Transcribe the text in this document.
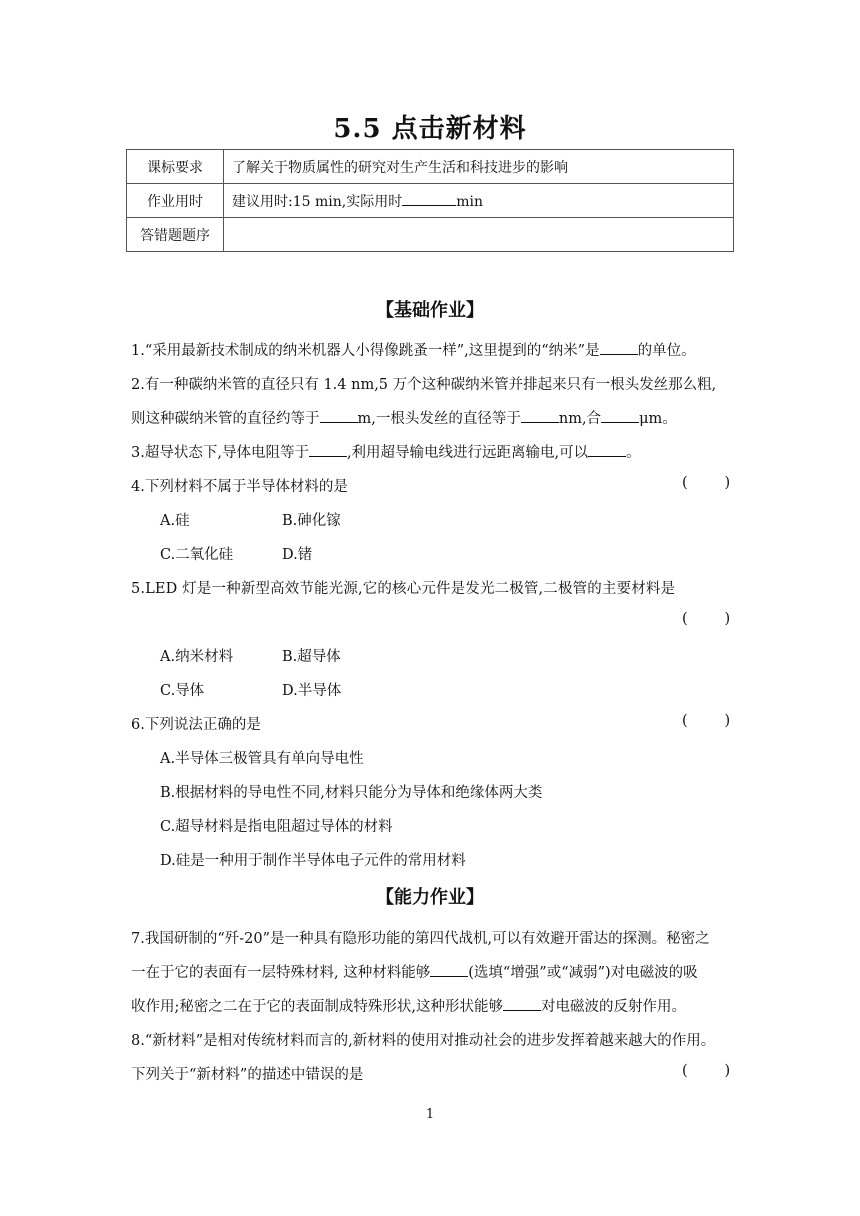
5.5 点击新材料
课标要求	了解关于物质属性的研究对生产生活和科技进步的影响
作业用时	建议用时:15 min,实际用时 min
答错题题序	
【基础作业】
1.“采用最新技术制成的纳米机器人小得像跳蚤一样”,这里提到的“纳米”是	的单位。
2.有一种碳纳米管的直径只有 1.4 nm,5 万个这种碳纳米管并排起来只有一根头发丝那么粗,
则这种碳纳米管的直径约等于	m,一根头发丝的直径等于	nm,合	μm。
3.超导状态下,导体电阻等于	,利用超导输电线进行远距离输电,可以	。
4.下列材料不属于半导体材料的是	(        )
A.硅	B.砷化镓
C.二氧化硅	D.锗
5.LED 灯是一种新型高效节能光源,它的核心元件是发光二极管,二极管的主要材料是
(        )
A.纳米材料	B.超导体
C.导体	D.半导体
6.下列说法正确的是	(        )
A.半导体三极管具有单向导电性
B.根据材料的导电性不同,材料只能分为导体和绝缘体两大类
C.超导材料是指电阻超过导体的材料
D.硅是一种用于制作半导体电子元件的常用材料
【能力作业】
7.我国研制的“歼-20”是一种具有隐形功能的第四代战机,可以有效避开雷达的探测。秘密之
一在于它的表面有一层特殊材料, 这种材料能够	(选填“增强”或“减弱”)对电磁波的吸
收作用;秘密之二在于它的表面制成特殊形状,这种形状能够	对电磁波的反射作用。
8.“新材料”是相对传统材料而言的,新材料的使用对推动社会的进步发挥着越来越大的作用。
下列关于“新材料”的描述中错误的是	(        )
1
